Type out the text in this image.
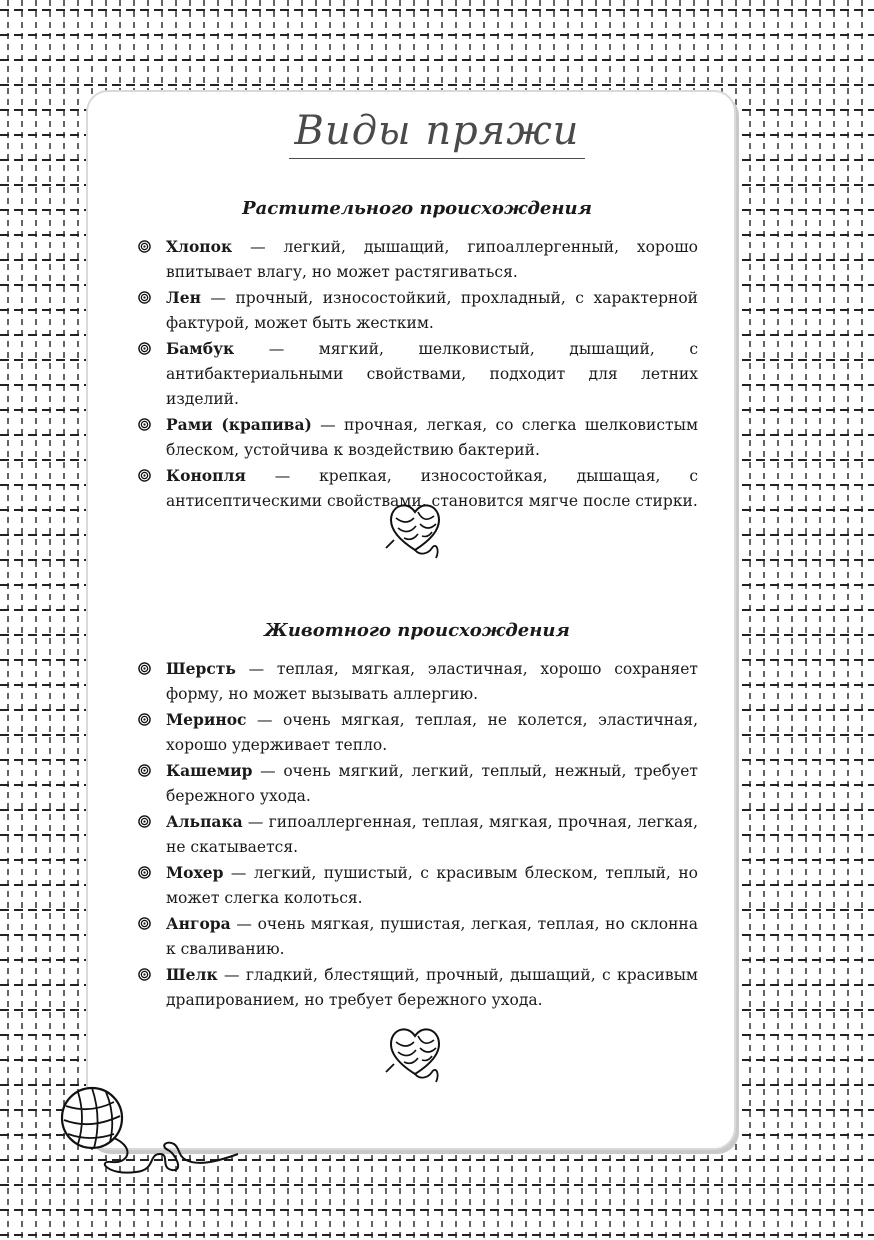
Виды пряжи
Растительного происхождения
Хлопок — легкий, дышащий, гипоаллергенный, хорошо впитывает влагу, но может растягиваться.
Лен — прочный, износостойкий, прохладный, с характерной фактурой, может быть жестким.
Бамбук — мягкий, шелковистый, дышащий, с антибактериальными свойствами, подходит для летних изделий.
Рами (крапива) — прочная, легкая, со слегка шелковистым блеском, устойчива к воздействию бактерий.
Конопля — крепкая, износостойкая, дышащая, с антисептическими свойствами, становится мягче после стирки.
Животного происхождения
Шерсть — теплая, мягкая, эластичная, хорошо сохраняет форму, но может вызывать аллергию.
Меринос — очень мягкая, теплая, не колется, эластичная, хорошо удерживает тепло.
Кашемир — очень мягкий, легкий, теплый, нежный, требует бережного ухода.
Альпака — гипоаллергенная, теплая, мягкая, прочная, легкая, не скатывается.
Мохер — легкий, пушистый, с красивым блеском, теплый, но может слегка колоться.
Ангора — очень мягкая, пушистая, легкая, теплая, но склонна к сваливанию.
Шелк — гладкий, блестящий, прочный, дышащий, с красивым драпированием, но требует бережного ухода.
